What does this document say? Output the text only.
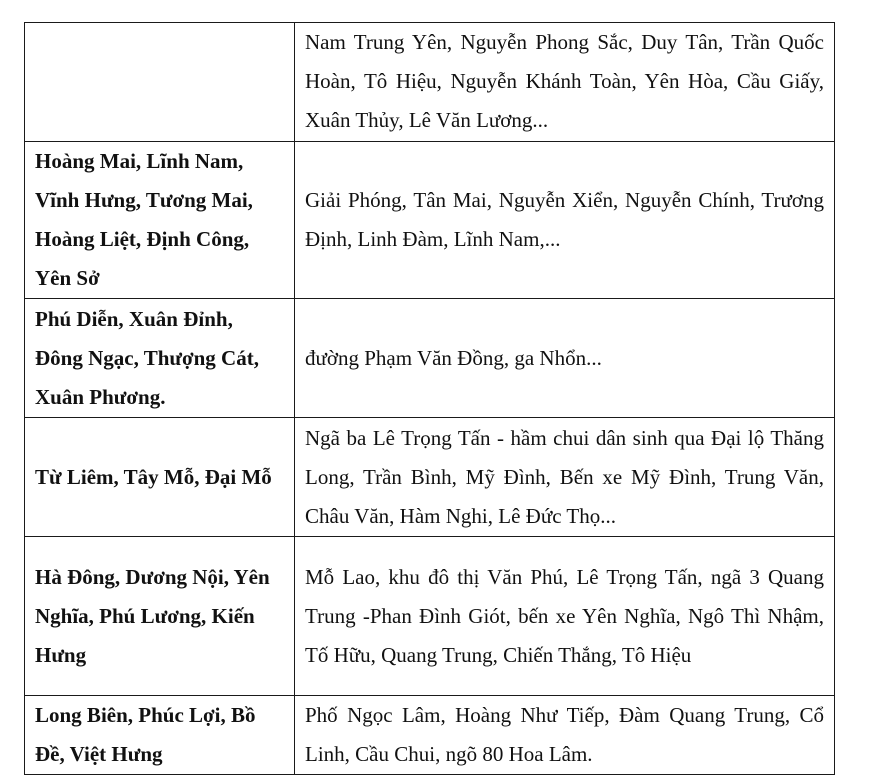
	Nam Trung Yên, Nguyễn Phong Sắc, Duy Tân, Trần Quốc Hoàn, Tô Hiệu, Nguyễn Khánh Toàn, Yên Hòa, Cầu Giấy, Xuân Thủy, Lê Văn Lương...
Hoàng Mai, Lĩnh Nam, Vĩnh Hưng, Tương Mai, Hoàng Liệt, Định Công, Yên Sở	Giải Phóng, Tân Mai, Nguyễn Xiển, Nguyễn Chính, Trương Định, Linh Đàm, Lĩnh Nam,...
Phú Diễn, Xuân Đỉnh, Đông Ngạc, Thượng Cát, Xuân Phương.	đường Phạm Văn Đồng, ga Nhổn...
Từ Liêm, Tây Mỗ, Đại Mỗ	Ngã ba Lê Trọng Tấn - hầm chui dân sinh qua Đại lộ Thăng Long, Trần Bình, Mỹ Đình, Bến xe Mỹ Đình, Trung Văn, Châu Văn, Hàm Nghi, Lê Đức Thọ...
Hà Đông, Dương Nội, Yên Nghĩa, Phú Lương, Kiến Hưng	Mỗ Lao, khu đô thị Văn Phú, Lê Trọng Tấn, ngã 3 Quang Trung -Phan Đình Giót, bến xe Yên Nghĩa, Ngô Thì Nhậm, Tố Hữu, Quang Trung, Chiến Thắng, Tô Hiệu
Long Biên, Phúc Lợi, Bồ Đề, Việt Hưng	Phố Ngọc Lâm, Hoàng Như Tiếp, Đàm Quang Trung, Cổ Linh, Cầu Chui, ngõ 80 Hoa Lâm.
